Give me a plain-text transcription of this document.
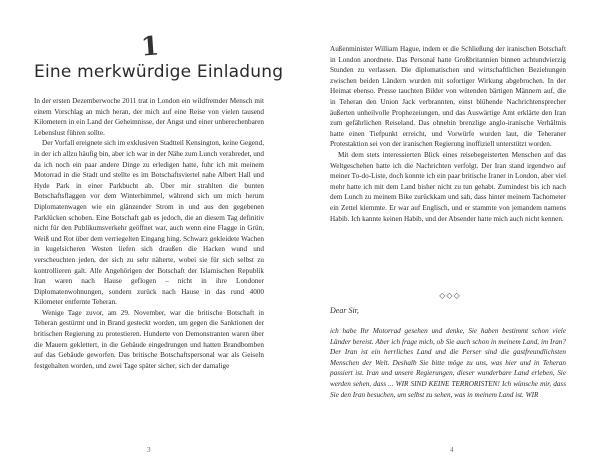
1
Eine merkwürdige Einladung

In der ersten Dezemberwoche 2011 trat in London ein wildfremder Mensch mit einem Vorschlag an mich heran, der mich auf eine Reise von vielen tausend Kilometern in ein Land der Geheimnisse, der Angst und einer unberechenbaren Lebenslust führen sollte.

Der Vorfall ereignete sich im exklusiven Stadtteil Kensington, keine Gegend, in der ich allzu häufig bin, aber ich war in der Nähe zum Lunch verabredet, und da ich noch ein paar andere Dinge zu erledigen hatte, fuhr ich mit meinem Motorrad in die Stadt und stellte es im Botschaftsviertel nahe Albert Hall und Hyde Park in einer Parkbucht ab. Über mir strahlten die bunten Botschaftsflaggen vor dem Winterhimmel, während sich um mich herum Diplomatenwagen wie ein glänzender Strom in und aus den gegebenen Parklücken schoben. Eine Botschaft gab es jedoch, die an diesem Tag definitiv nicht für den Publikumsverkehr geöffnet war, auch wenn eine Flagge in Grün, Weiß und Rot über dem verriegelten Eingang hing. Schwarz gekleidete Wachen in kugelsicheren Westen liefen sich draußen die Hacken wund und verscheuchten jeden, der sich zu sehr näherte, wobei sie für sich selbst zu kontrollieren galt. Alle Angehörigen der Botschaft der Islamischen Republik Iran waren nach Hause geflogen – nicht in ihre Londoner Diplomatenwohnungen, sondern zurück nach Hause in das rund 4000 Kilometer entfernte Teheran.

Wenige Tage zuvor, am 29. November, war die britische Botschaft in Teheran gestürmt und in Brand gesteckt worden, um gegen die Sanktionen der britischen Regierung zu protestieren. Hunderte von Demonstranten waren über die Mauern geklettert, in die Gebäude eingedrungen und hatten Brandbomben auf das Gebäude geworfen. Das britische Botschaftspersonal war als Geiseln festgehalten worden, und zwei Tage später sicher, sich der damalige

3

Außenminister William Hague, indem er die Schließung der iranischen Botschaft in London anordnete. Das Personal hatte Großbritannien binnen achtundvierzig Stunden zu verlassen. Die diplomatischen und wirtschaftlichen Beziehungen zwischen beiden Ländern wurden mit sofortiger Wirkung abgebrochen. In der Heimat ebenso. Presse tauchten Bilder von wütenden bärtigen Männern auf, die in Teheran den Union Jack verbrannten, einst blühende Nachrichtensprecher äußerten unheilvolle Prophezeiungen, und das Auswärtige Amt erklärte den Iran zum gefährlichen Reiseland. Das ohnehin brenzlige anglo-iranische Verhältnis hatte einen Tiefpunkt erreicht, und Vorwürfe wurden laut, die Teheraner Protestaktion sei von der iranischen Regierung inoffiziell unterstützt worden.

Mit dem stets interessierten Blick eines reisebegeisterten Menschen auf das Weltgeschehen hatte ich die Nachrichten verfolgt. Der Iran stand irgendwo auf meiner To-do-Liste, doch konnte ich ein paar britische Iraner in London, aber viel mehr hatte ich mit dem Land bisher nicht zu tun gehabt. Zumindest bis ich nach dem Lunch zu meinem Bike zurückkam und sah, dass hinter meinem Tachometer ein Zettel klemmte. Er war auf Englisch, und er stammte von jemandem namens Habib. Ich kannte keinen Habib, und der Absender hatte mich auch nicht kennen.

◇◇◇
Dear Sir,
ich habe Ihr Motorrad gesehen und denke, Sie haben bestimmt schon viele Länder bereist. Aber ich frage mich, ob Sie auch schon in meinem Land, im Iran? Der Iran ist ein herrliches Land und die Perser sind die gastfreundlichsten Menschen der Welt. Deshalb Sie bitte möge zu uns, was hier und in Teheran passiert ist. Iran und unsere Regierungen, dieser wunderbare Land erleben, Sie werden sehen, dass ... WIR SIND KEINE TERRORISTEN! Ich wünsche mir, dass Sie den Iran besuchen, um selbst zu sehen, was in meinem Land ist. WIR
4
